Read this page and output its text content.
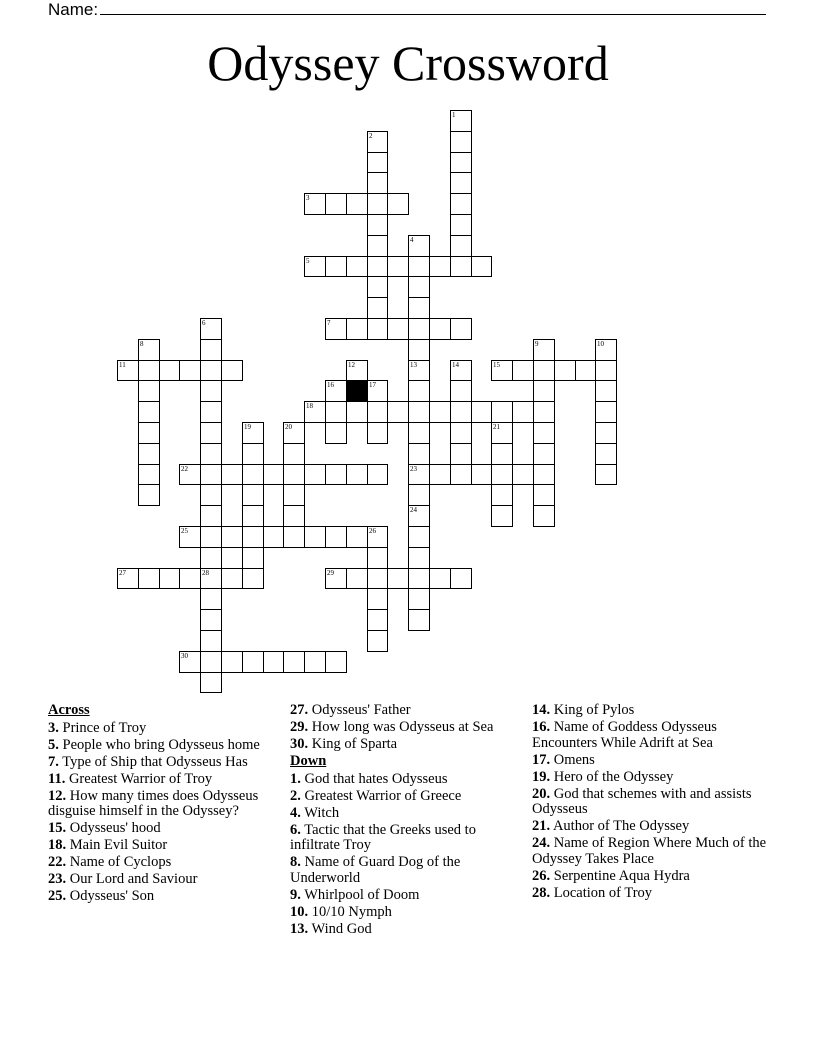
Name:
Odyssey Crossword
1
2
3
4
13
23
5
6
28
7
8	9	10
11	12	14	15
16
18
17
19	20	21
22
24
25	26
27	29
30
Across
3. Prince of Troy
5. People who bring Odysseus home
7. Type of Ship that Odysseus Has
11. Greatest Warrior of Troy
12. How many times does Odysseus disguise himself in the Odyssey?
15. Odysseus' hood
18. Main Evil Suitor
22. Name of Cyclops
23. Our Lord and Saviour
25. Odysseus' Son
27. Odysseus' Father
29. How long was Odysseus at Sea
30. King of Sparta
Down
1. God that hates Odysseus
2. Greatest Warrior of Greece
4. Witch
6. Tactic that the Greeks used to infiltrate Troy
8. Name of Guard Dog of the Underworld
9. Whirlpool of Doom
10. 10/10 Nymph
13. Wind God
14. King of Pylos
16. Name of Goddess Odysseus Encounters While Adrift at Sea
17. Omens
19. Hero of the Odyssey
20. God that schemes with and assists Odysseus
21. Author of The Odyssey
24. Name of Region Where Much of the Odyssey Takes Place
26. Serpentine Aqua Hydra
28. Location of Troy
